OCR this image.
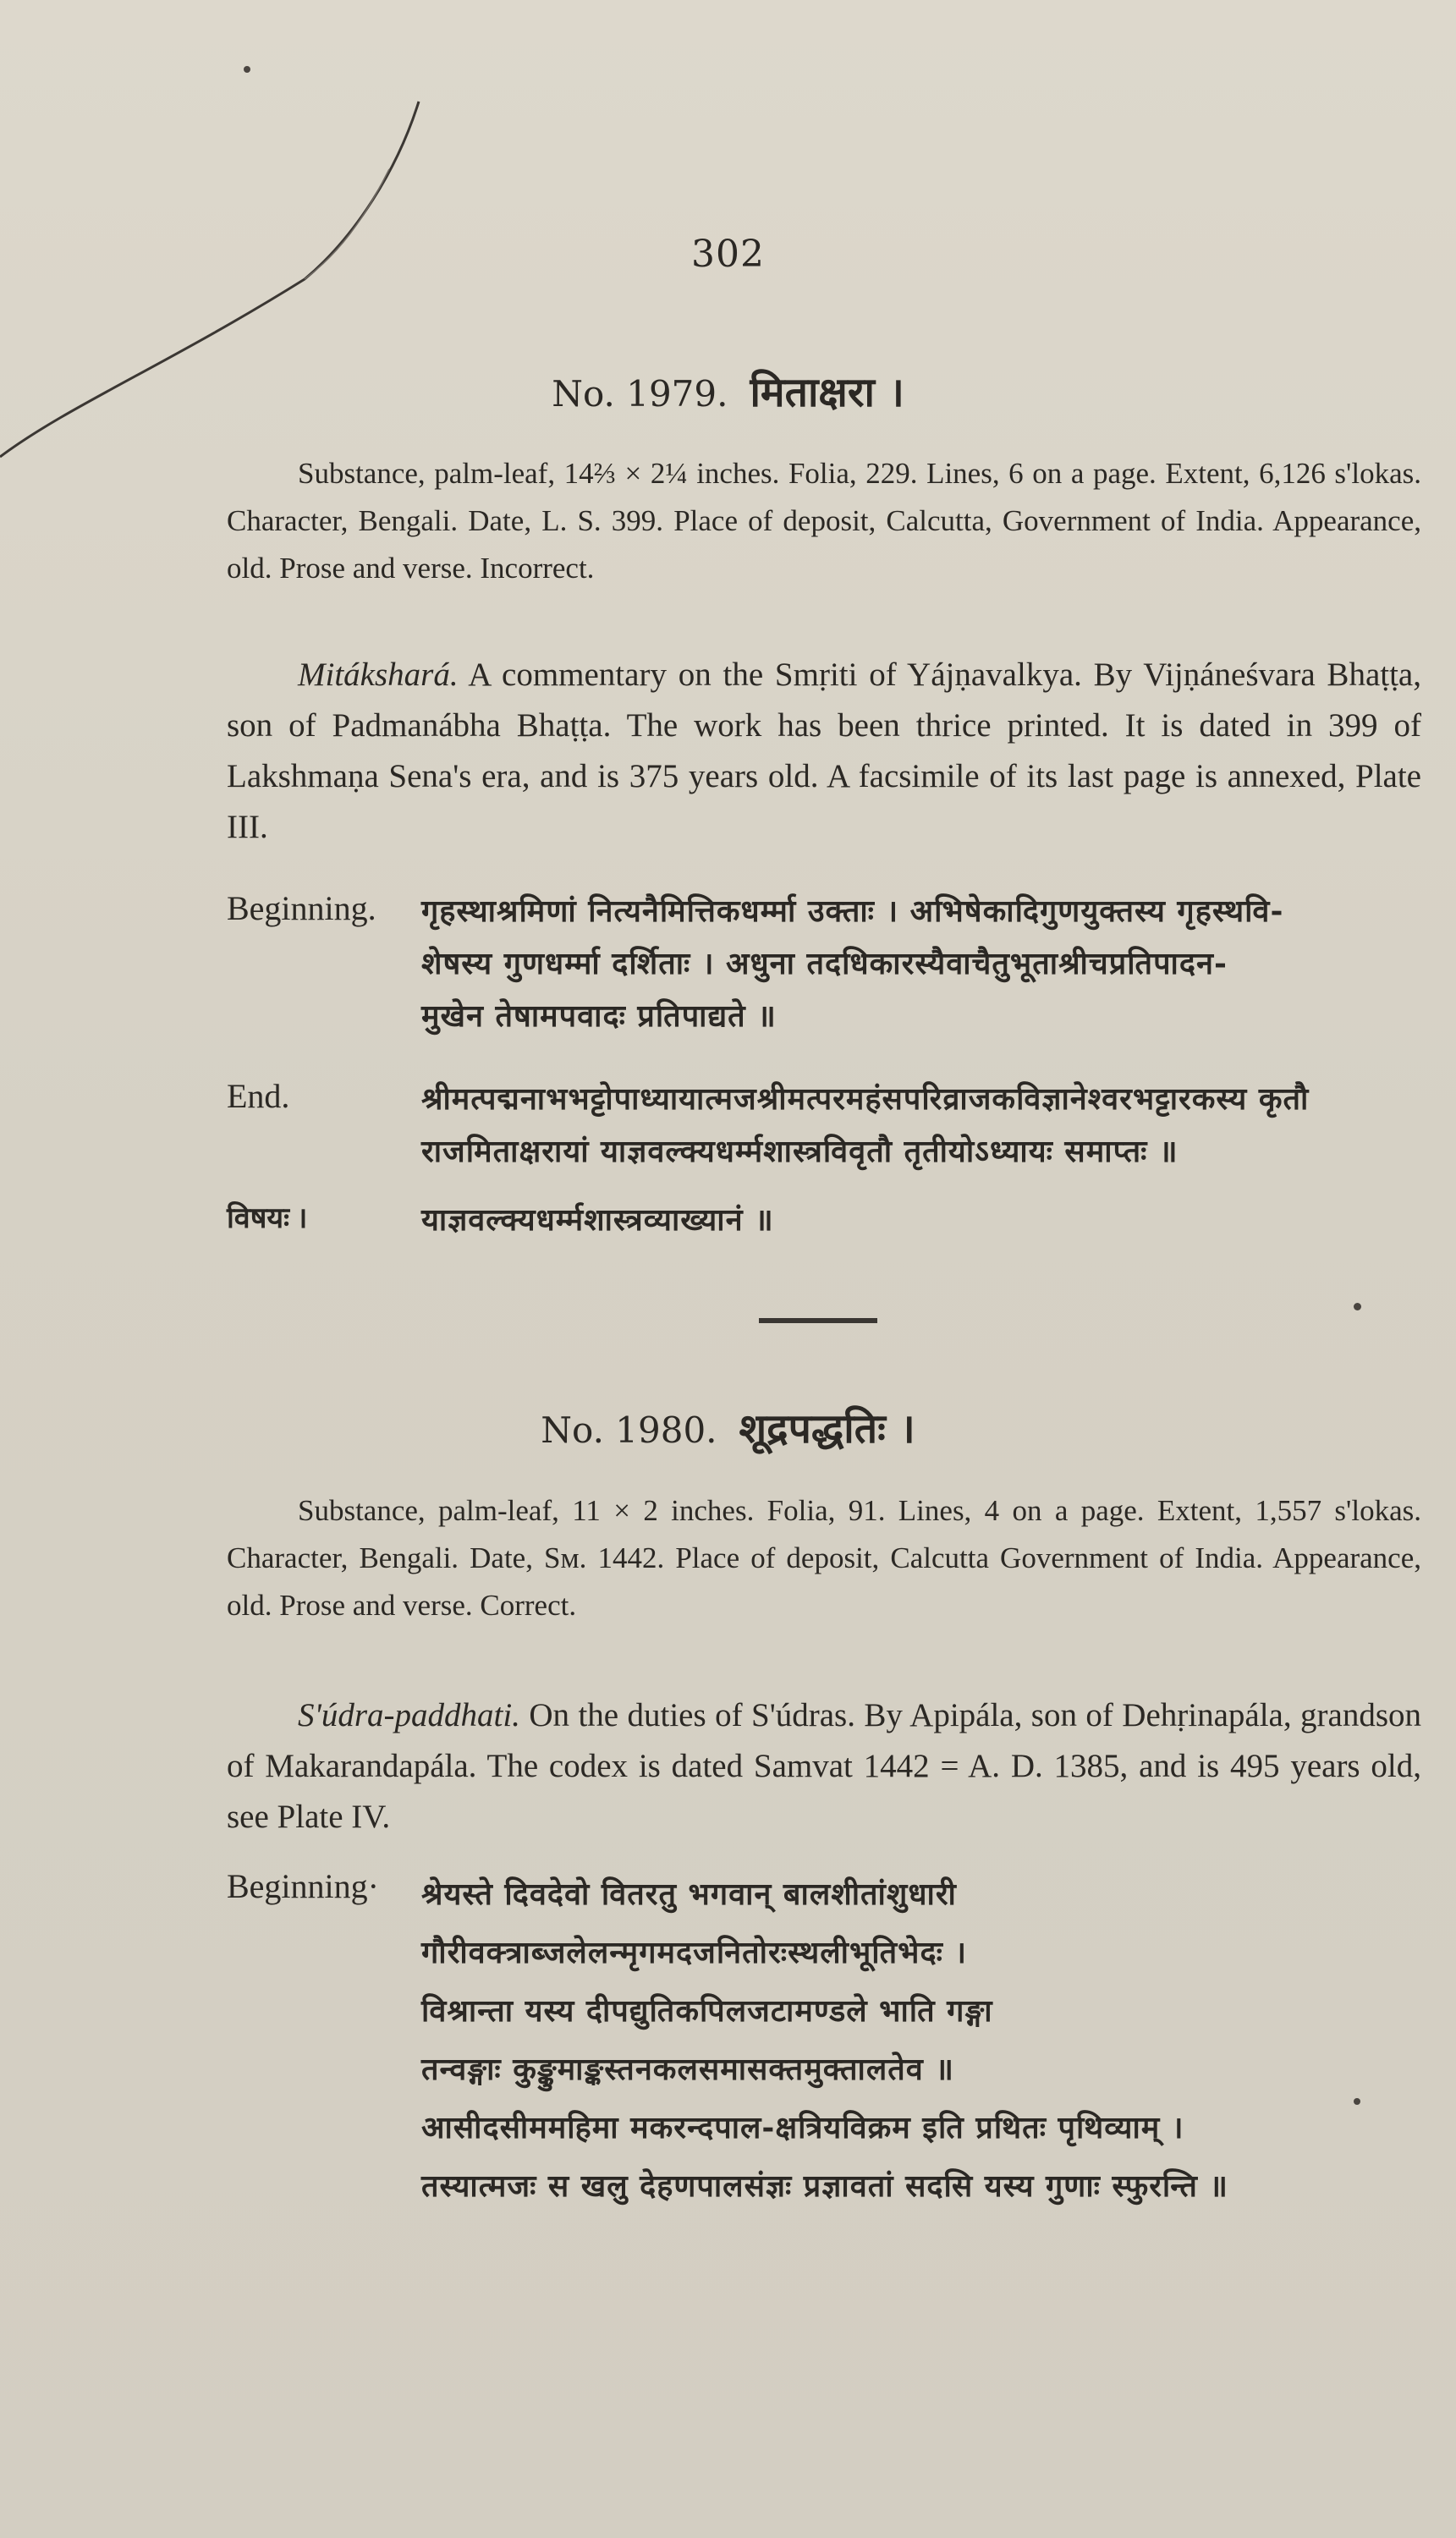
302
No. 1979. मिताक्षरा ।

Substance, palm-leaf, 14⅔ × 2¼ inches. Folia, 229. Lines, 6 on a page. Extent, 6,126 s'lokas. Character, Bengali. Date, L. S. 399. Place of deposit, Calcutta, Government of India. Appearance, old. Prose and verse. Incorrect.

Mitákshará. A commentary on the Smṛiti of Yájṇavalkya. By Vijṇáneśvara Bhaṭṭa, son of Padmanábha Bhaṭṭa. The work has been thrice printed. It is dated in 399 of Lakshmaṇa Sena's era, and is 375 years old. A facsimile of its last page is annexed, Plate III.

Beginning. गृहस्थाश्रमिणां नित्यनैमित्तिकधर्म्मा उक्ताः । अभिषेकादिगुणयुक्तस्य गृहस्थवि-
शेषस्य गुणधर्म्मा दर्शिताः । अधुना तदधिकारस्यैवाचैतुभूताश्रीचप्रतिपादन-
मुखेन तेषामपवादः प्रतिपाद्यते ॥
End.	श्रीमत्पद्मनाभभट्टोपाध्यायात्मजश्रीमत्परमहंसपरिव्राजकविज्ञानेश्वरभट्टारकस्य कृतौ
राजमिताक्षरायां याज्ञवल्क्यधर्म्मशास्त्रविवृतौ तृतीयोऽध्यायः समाप्तः ॥
विषयः ।	याज्ञवल्क्यधर्म्मशास्त्रव्याख्यानं ॥
No. 1980. शूद्रपद्धतिः ।

Substance, palm-leaf, 11 × 2 inches. Folia, 91. Lines, 4 on a page. Extent, 1,557 s'lokas. Character, Bengali. Date, Sм. 1442. Place of deposit, Calcutta Government of India. Appearance, old. Prose and verse. Correct.

S'údra-paddhati. On the duties of S'údras. By Apipála, son of Dehṛinapála, grandson of Makarandapála. The codex is dated Samvat 1442 = A. D. 1385, and is 495 years old, see Plate IV.

Beginning· श्रेयस्ते दिवदेवो वितरतु भगवान् बालशीतांशुधारी
गौरीवक्त्राब्जलेलन्मृगमदजनितोरःस्थलीभूतिभेदः ।
विश्रान्ता यस्य दीपद्युतिकपिलजटामण्डले भाति गङ्गा
तन्वङ्गाः कुङ्कुमाङ्कस्तनकलसमासक्तमुक्तालतेव ॥
आसीदसीममहिमा मकरन्दपाल-क्षत्रियविक्रम इति प्रथितः पृथिव्याम् ।
तस्यात्मजः स खलु देहणपालसंज्ञः प्रज्ञावतां सदसि यस्य गुणाः स्फुरन्ति ॥
